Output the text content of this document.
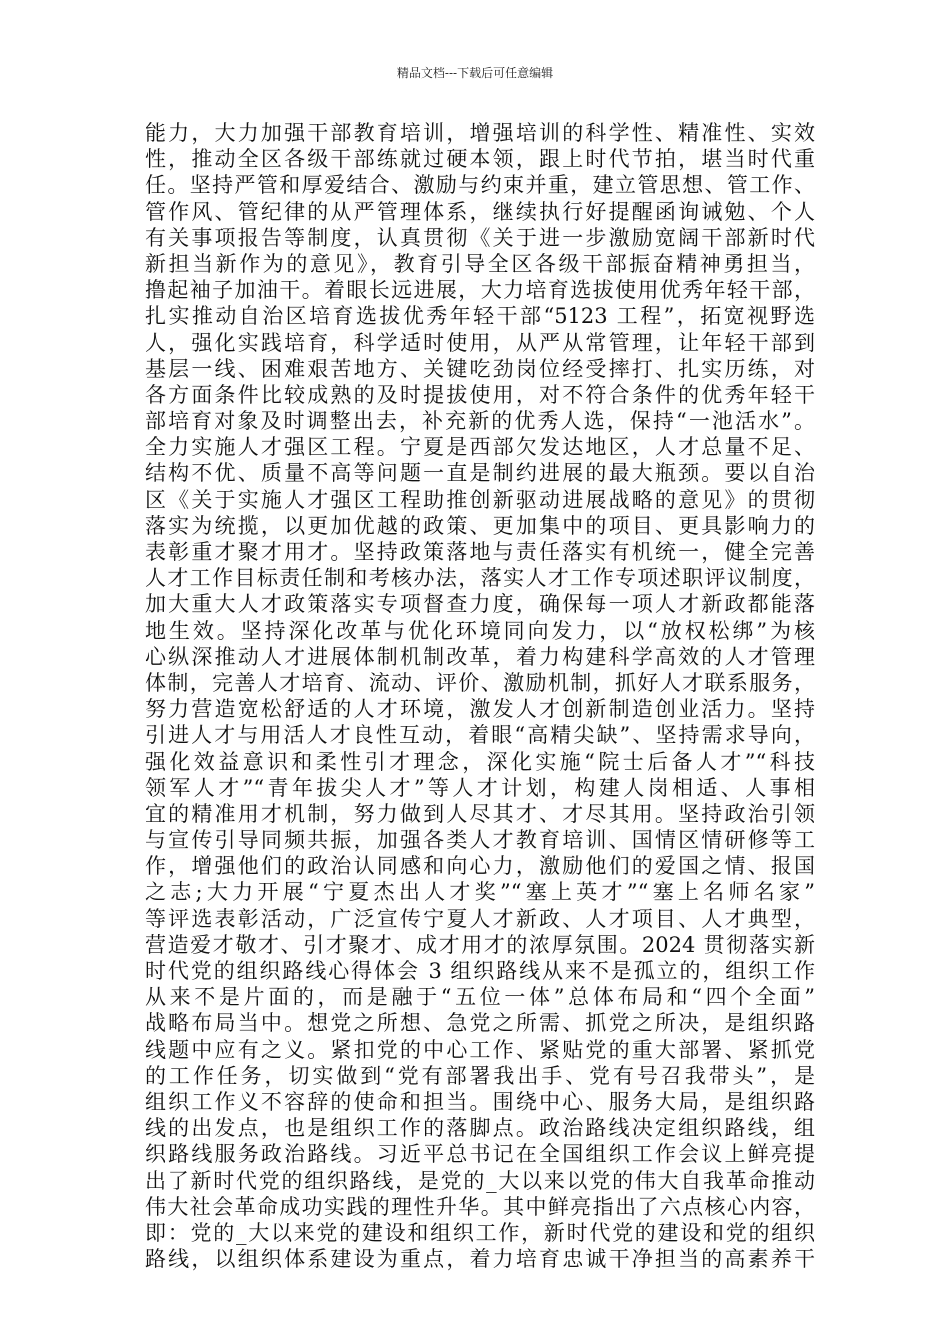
精品文档---下载后可任意编辑
能力，大力加强干部教育培训，增强培训的科学性、精准性、实效
性，推动全区各级干部练就过硬本领，跟上时代节拍，堪当时代重
任。坚持严管和厚爱结合、激励与约束并重，建立管思想、管工作、
管作风、管纪律的从严管理体系，继续执行好提醒函询诫勉、个人
有关事项报告等制度，认真贯彻《关于进一步激励宽阔干部新时代
新担当新作为的意见》，教育引导全区各级干部振奋精神勇担当，
撸起袖子加油干。着眼长远进展，大力培育选拔使用优秀年轻干部，
扎实推动自治区培育选拔优秀年轻干部“5123 工程”，拓宽视野选
人，强化实践培育，科学适时使用，从严从常管理，让年轻干部到
基层一线、困难艰苦地方、关键吃劲岗位经受摔打、扎实历练，对
各方面条件比较成熟的及时提拔使用，对不符合条件的优秀年轻干
部培育对象及时调整出去，补充新的优秀人选，保持“一池活水”。
全力实施人才强区工程。宁夏是西部欠发达地区，人才总量不足、
结构不优、质量不高等问题一直是制约进展的最大瓶颈。要以自治
区《关于实施人才强区工程助推创新驱动进展战略的意见》的贯彻
落实为统揽，以更加优越的政策、更加集中的项目、更具影响力的
表彰重才聚才用才。坚持政策落地与责任落实有机统一，健全完善
人才工作目标责任制和考核办法，落实人才工作专项述职评议制度，
加大重大人才政策落实专项督查力度，确保每一项人才新政都能落
地生效。坚持深化改革与优化环境同向发力，以“放权松绑”为核
心纵深推动人才进展体制机制改革，着力构建科学高效的人才管理
体制，完善人才培育、流动、评价、激励机制，抓好人才联系服务，
努力营造宽松舒适的人才环境，激发人才创新制造创业活力。坚持
引进人才与用活人才良性互动，着眼“高精尖缺”、坚持需求导向，
强化效益意识和柔性引才理念，深化实施“院士后备人才”“科技
领军人才”“青年拔尖人才”等人才计划，构建人岗相适、人事相
宜的精准用才机制，努力做到人尽其才、才尽其用。坚持政治引领
与宣传引导同频共振，加强各类人才教育培训、国情区情研修等工
作，增强他们的政治认同感和向心力，激励他们的爱国之情、报国
之志;大力开展“宁夏杰出人才奖”“塞上英才”“塞上名师名家”
等评选表彰活动，广泛宣传宁夏人才新政、人才项目、人才典型，
营造爱才敬才、引才聚才、成才用才的浓厚氛围。2024 贯彻落实新
时代党的组织路线心得体会 3 组织路线从来不是孤立的，组织工作
从来不是片面的，而是融于“五位一体”总体布局和“四个全面”
战略布局当中。想党之所想、急党之所需、抓党之所决，是组织路
线题中应有之义。紧扣党的中心工作、紧贴党的重大部署、紧抓党
的工作任务，切实做到“党有部署我出手、党有号召我带头”，是
组织工作义不容辞的使命和担当。围绕中心、服务大局，是组织路
线的出发点，也是组织工作的落脚点。政治路线决定组织路线，组
织路线服务政治路线。习近平总书记在全国组织工作会议上鲜亮提
出了新时代党的组织路线，是党的_大以来以党的伟大自我革命推动
伟大社会革命成功实践的理性升华。其中鲜亮指出了六点核心内容，
即：党的_大以来党的建设和组织工作，新时代党的建设和党的组织
路线，以组织体系建设为重点，着力培育忠诚干净担当的高素养干
